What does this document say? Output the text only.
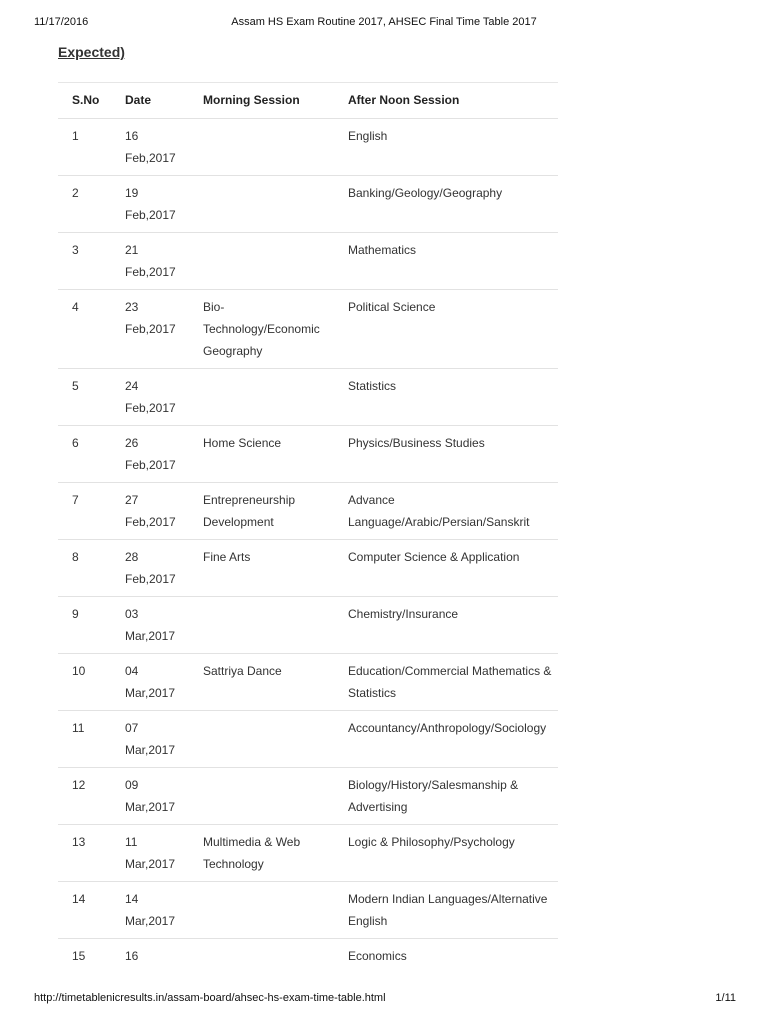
11/17/2016	Assam HS Exam Routine 2017, AHSEC Final Time Table 2017
Expected)
S.No	Date	Morning Session	After Noon Session
1	16 Feb,2017		English
2	19 Feb,2017		Banking/Geology/Geography
3	21 Feb,2017		Mathematics
4	23 Feb,2017	Bio-Technology/Economic Geography	Political Science
5	24 Feb,2017		Statistics
6	26 Feb,2017	Home Science	Physics/Business Studies
7	27 Feb,2017	Entrepreneurship Development	Advance Language/Arabic/Persian/Sanskrit
8	28 Feb,2017	Fine Arts	Computer Science & Application
9	03 Mar,2017		Chemistry/Insurance
10	04 Mar,2017	Sattriya Dance	Education/Commercial Mathematics & Statistics
11	07 Mar,2017		Accountancy/Anthropology/Sociology
12	09 Mar,2017		Biology/History/Salesmanship & Advertising
13	11 Mar,2017	Multimedia & Web Technology	Logic & Philosophy/Psychology
14	14 Mar,2017		Modern Indian Languages/Alternative English
15	16		Economics
http://timetablenicresults.in/assam-board/ahsec-hs-exam-time-table.html	1/11
